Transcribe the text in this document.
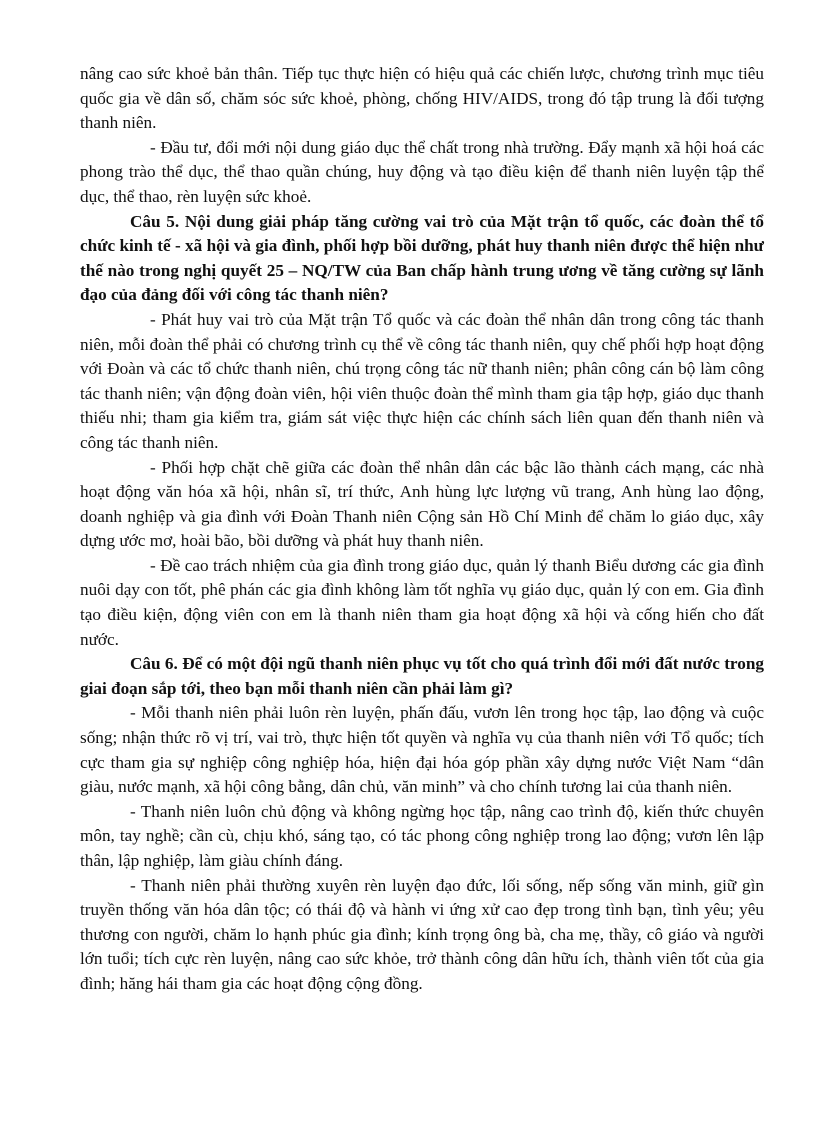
nâng cao sức khoẻ bản thân. Tiếp tục thực hiện có hiệu quả các chiến lược, chương trình mục tiêu quốc gia về dân số, chăm sóc sức khoẻ, phòng, chống HIV/AIDS, trong đó tập trung là đối tượng thanh niên.

- Đầu tư, đổi mới nội dung giáo dục thể chất trong nhà trường. Đẩy mạnh xã hội hoá các phong trào thể dục, thể thao quần chúng, huy động và tạo điều kiện để thanh niên luyện tập thể dục, thể thao, rèn luyện sức khoẻ.

Câu 5. Nội dung giải pháp tăng cường vai trò của Mặt trận tổ quốc, các đoàn thể tổ chức kinh tế - xã hội và gia đình, phối hợp bồi dưỡng, phát huy thanh niên được thể hiện như thế nào trong nghị quyết 25 – NQ/TW của Ban chấp hành trung ương về tăng cường sự lãnh đạo của đảng đối với công tác thanh niên?

- Phát huy vai trò của Mặt trận Tổ quốc và các đoàn thể nhân dân trong công tác thanh niên, mỗi đoàn thể phải có chương trình cụ thể về công tác thanh niên, quy chế phối hợp hoạt động với Đoàn và các tổ chức thanh niên, chú trọng công tác nữ thanh niên; phân công cán bộ làm công tác thanh niên; vận động đoàn viên, hội viên thuộc đoàn thể mình tham gia tập hợp, giáo dục thanh thiếu nhi; tham gia kiểm tra, giám sát việc thực hiện các chính sách liên quan đến thanh niên và công tác thanh niên.

- Phối hợp chặt chẽ giữa các đoàn thể nhân dân các bậc lão thành cách mạng, các nhà hoạt động văn hóa xã hội, nhân sĩ, trí thức, Anh hùng lực lượng vũ trang, Anh hùng lao động, doanh nghiệp và gia đình với Đoàn Thanh niên Cộng sản Hồ Chí Minh để chăm lo giáo dục, xây dựng ước mơ, hoài bão, bồi dưỡng và phát huy thanh niên.

- Đề cao trách nhiệm của gia đình trong giáo dục, quản lý thanh Biểu dương các gia đình nuôi dạy con tốt, phê phán các gia đình không làm tốt nghĩa vụ giáo dục, quản lý con em. Gia đình tạo điều kiện, động viên con em là thanh niên tham gia hoạt động xã hội và cống hiến cho đất nước.

Câu 6. Để có một đội ngũ thanh niên phục vụ tốt cho quá trình đổi mới đất nước trong giai đoạn sắp tới, theo bạn mỗi thanh niên cần phải làm gì?

- Mỗi thanh niên phải luôn rèn luyện, phấn đấu, vươn lên trong học tập, lao động và cuộc sống; nhận thức rõ vị trí, vai trò, thực hiện tốt quyền và nghĩa vụ của thanh niên với Tổ quốc; tích cực tham gia sự nghiệp công nghiệp hóa, hiện đại hóa góp phần xây dựng nước Việt Nam “dân giàu, nước mạnh, xã hội công bằng, dân chủ, văn minh” và cho chính tương lai của thanh niên.

- Thanh niên luôn chủ động và không ngừng học tập, nâng cao trình độ, kiến thức chuyên môn, tay nghề; cần cù, chịu khó, sáng tạo, có tác phong công nghiệp trong lao động; vươn lên lập thân, lập nghiệp, làm giàu chính đáng.

- Thanh niên phải thường xuyên rèn luyện đạo đức, lối sống, nếp sống văn minh, giữ gìn truyền thống văn hóa dân tộc; có thái độ và hành vi ứng xử cao đẹp trong tình bạn, tình yêu; yêu thương con người, chăm lo hạnh phúc gia đình; kính trọng ông bà, cha mẹ, thầy, cô giáo và người lớn tuổi; tích cực rèn luyện, nâng cao sức khỏe, trở thành công dân hữu ích, thành viên tốt của gia đình; hăng hái tham gia các hoạt động cộng đồng.
